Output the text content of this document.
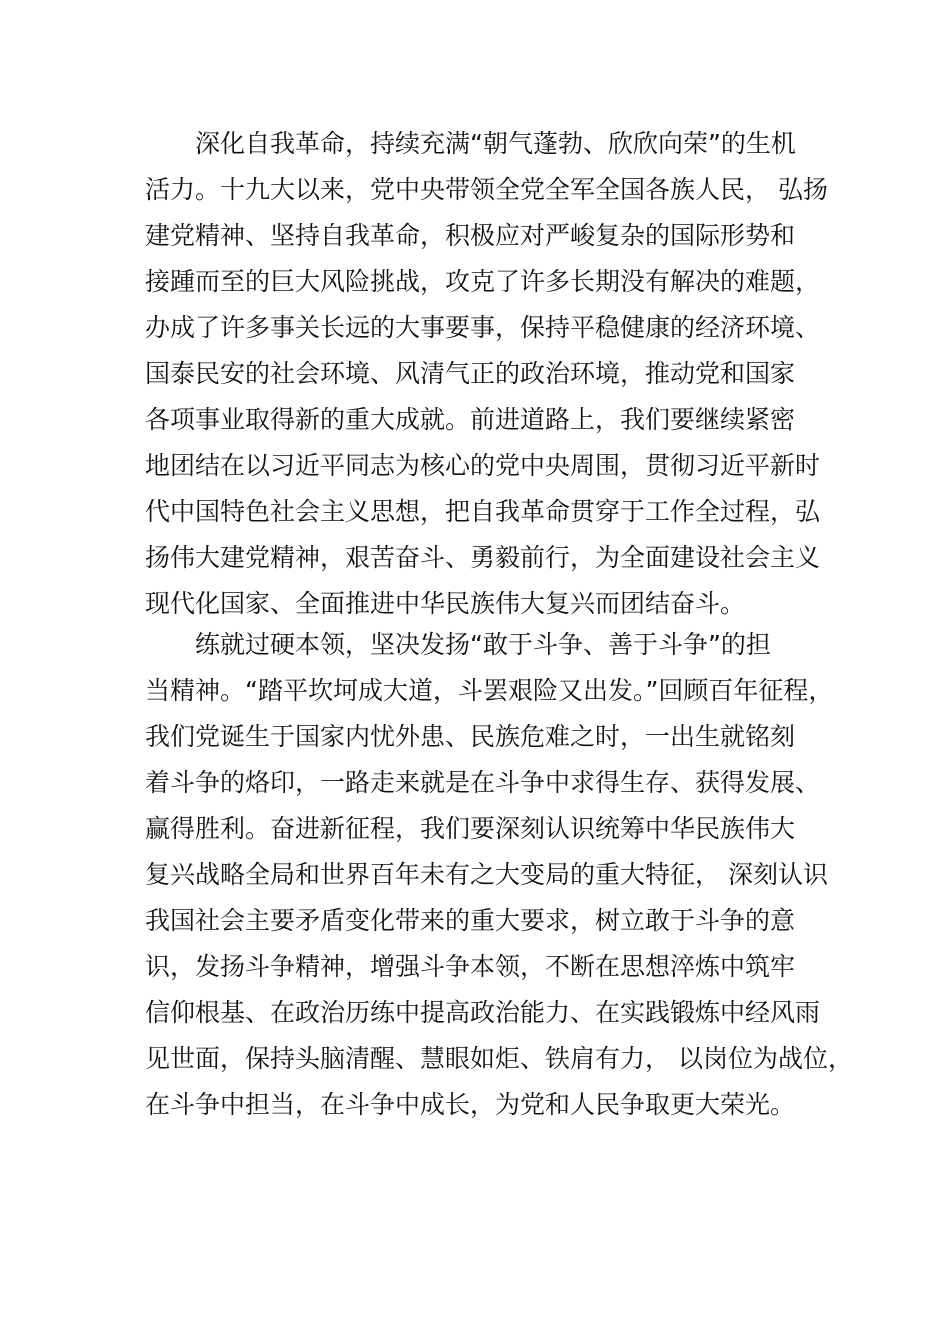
深化自我革命，持续充满“朝气蓬勃、欣欣向荣”的生机
活力。十九大以来，党中央带领全党全军全国各族人民， 弘扬
建党精神、坚持自我革命，积极应对严峻复杂的国际形势和
接踵而至的巨大风险挑战，攻克了许多长期没有解决的难题，
办成了许多事关长远的大事要事，保持平稳健康的经济环境、
国泰民安的社会环境、风清气正的政治环境，推动党和国家
各项事业取得新的重大成就。前进道路上，我们要继续紧密
地团结在以习近平同志为核心的党中央周围，贯彻习近平新时
代中国特色社会主义思想，把自我革命贯穿于工作全过程，弘
扬伟大建党精神，艰苦奋斗、勇毅前行，为全面建设社会主义
现代化国家、全面推进中华民族伟大复兴而团结奋斗。
练就过硬本领，坚决发扬“敢于斗争、善于斗争”的担
当精神。“踏平坎坷成大道，斗罢艰险又出发。”回顾百年征程，
我们党诞生于国家内忧外患、民族危难之时，一出生就铭刻
着斗争的烙印，一路走来就是在斗争中求得生存、获得发展、
赢得胜利。奋进新征程，我们要深刻认识统筹中华民族伟大
复兴战略全局和世界百年未有之大变局的重大特征， 深刻认识
我国社会主要矛盾变化带来的重大要求，树立敢于斗争的意
识，发扬斗争精神，增强斗争本领，不断在思想淬炼中筑牢
信仰根基、在政治历练中提高政治能力、在实践锻炼中经风雨
见世面，保持头脑清醒、慧眼如炬、铁肩有力， 以岗位为战位，
在斗争中担当，在斗争中成长，为党和人民争取更大荣光。
